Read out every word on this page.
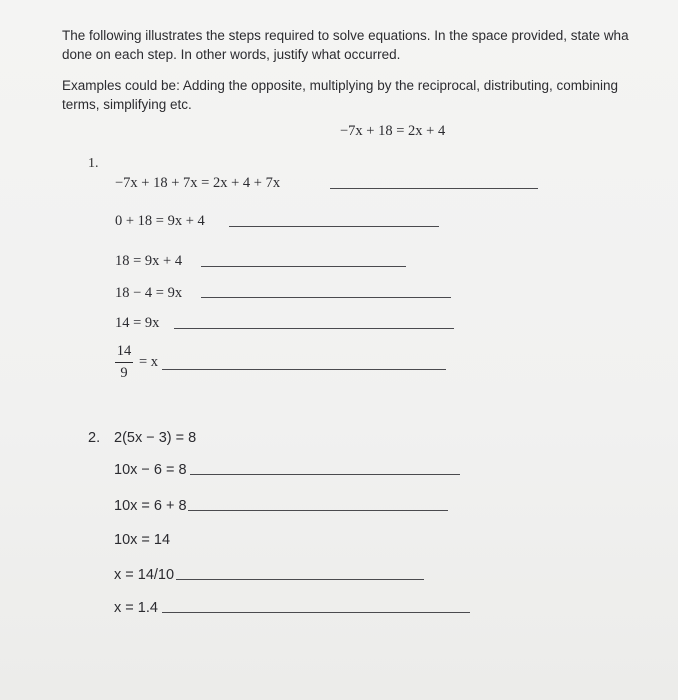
The following illustrates the steps required to solve equations. In the space provided, state wha
done on each step. In other words, justify what occurred.
Examples could be: Adding the opposite, multiplying by the reciprocal, distributing, combining
terms, simplifying etc.
−7x + 18 = 2x + 4
1.
−7x + 18 + 7x = 2x + 4 + 7x
0 + 18 = 9x + 4
18 = 9x + 4
18 − 4 = 9x
14 = 9x
14
9
= x
2. 2(5x − 3) = 8
10x − 6 = 8
10x = 6 + 8
10x = 14
x = 14/10
x = 1.4
